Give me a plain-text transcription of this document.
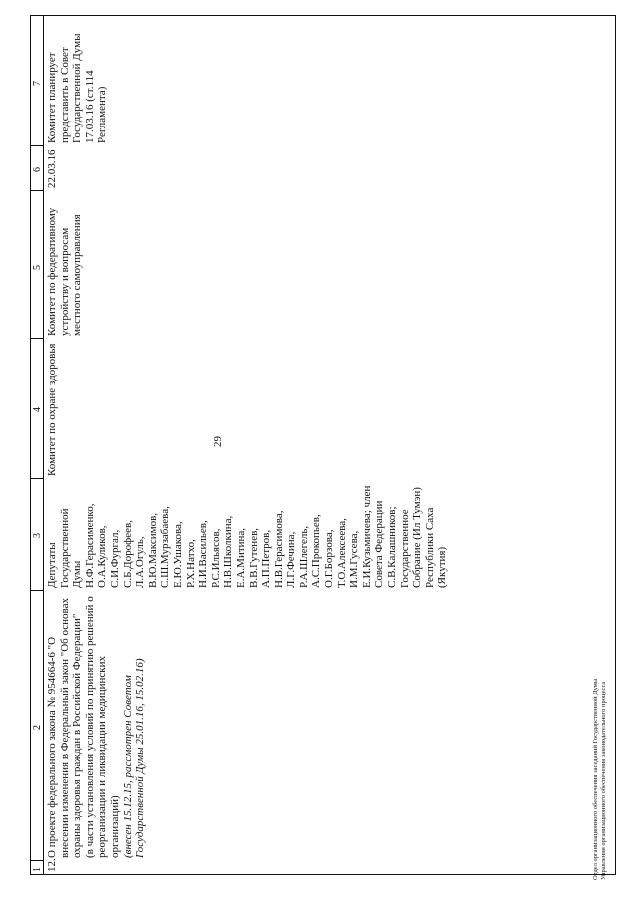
29
7
6
5
4
3
2
1 12.
О проекте федерального закона № 954664-6 "О внесении изменения в Федеральный закон "Об основах охраны здоровья граждан в Российской Федерации" (в части установления условий по принятию решений о реорганизации и ликвидации медицинских организаций) (внесен 15.12.15, рассмотрен Советом Государственной Думы 25.01.16, 15.02.16)
Депутаты Государственной Думы Н.Ф.Герасименко, О.А.Куликов, С.И.Фургал, С.Б.Дорофеев, Л.А.Огуль, В.Ю.Максимов, С.Ш.Мурзабаева, Е.Ю.Ушакова, Р.Х.Натхо, Н.И.Васильев, Р.С.Ильясов, Н.В.Школкина, Е.А.Митина, В.В.Гутенев, А.П.Петров, Н.В.Герасимова, Л.Г.Фечина, Р.А.Шлегель, А.С.Прокопьев, О.Г.Борзова, Т.О.Алексеева, И.М.Гусева, Е.И.Кузьмичева; член Совета Федерации С.В.Калашников; Государственное Собрание (Ил Тумэн) Республики Саха (Якутия)
Комитет по охране здоровья
Комитет по федеративному устройству и вопросам местного самоуправления
22.03.16
Комитет планирует представить в Совет Государственной Думы 17.03.16 (ст.114 Регламента)
Отдел организационного обеспечения заседаний Государственной Думы Управления организационного обеспечения законодательного процесса
